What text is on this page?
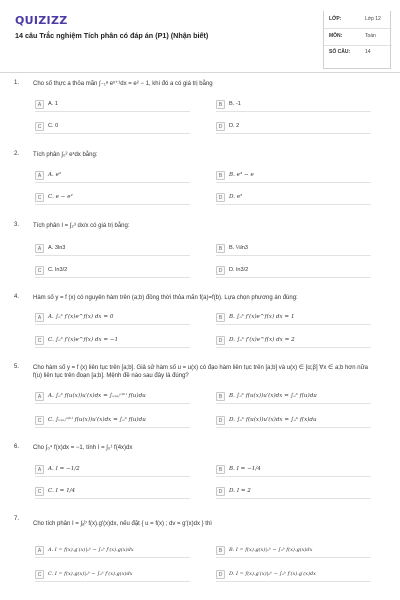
QUIZIZZ
14 câu Trắc nghiệm Tích phân có đáp án (P1) (Nhận biết)
LỚP:	Lớp 12
MÔN:	Toán
SỐ CÂU:	14
1. Cho số thực a thỏa mãn ∫₋₁ᵃ eˣ⁺¹dx = e² − 1, khi đó a có giá trị bằng
A	A. 1	B	B. -1
C	C. 0	D	D. 2
2. Tích phân ∫₀² eˣdx bằng:
A	A. e²	B	B. e³ − e
C	C. e − e²	D	D. e²
3. Tích phân I = ∫₂³ dx/x có giá trị bằng:
A	A. 3ln3	B	B. ⅓ln3
C	C. ln3/2	D	D. ln3/2
4. Hàm số y = f (x) có nguyên hàm trên (a;b) đồng thời thỏa mãn f(a)=f(b). Lựa chọn phương án đúng:
A	A. ∫ₐᵇ f′(x)e^f(x) dx = 0	B	B. ∫ₐᵇ f′(x)e^f(x) dx = 1
C	C. ∫ₐᵇ f′(x)e^f(x) dx = −1	D	D. ∫ₐᵇ f′(x)e^f(x) dx = 2
5. Cho hàm số y = f (x) liên tục trên [a;b]. Giả sử hàm số u = u(x) có đạo hàm liên tục trên [a;b] và u(x) ∈ [α;β] ∀x ∈ a;b hơn nữa f(u) liên tục trên đoạn [a;b]. Mệnh đề nào sau đây là đúng?
A	A. ∫ₐᵇ f(u(x))u′(x)dx = ∫ᵤ₍ₐ₎ᵘ⁽ᵇ⁾ f(u)du	B	B. ∫ₐᵇ f(u(x))u′(x)dx = ∫ₐᵇ f(u)du
C	C. ∫ᵤ₍ₐ₎ᵘ⁽ᵇ⁾ f(u(x))u′(x)dx = ∫ₐᵇ f(u)du	D	D. ∫ₐᵇ f(u(x))u′(x)dx = ∫ₐᵇ f(x)du
6. Cho ∫₀⁴ f(x)dx = −1, tính I = ∫₀¹ f(4x)dx
A	A. I = −1/2	B	B. I = −1/4
C	C. I = 1/4	D	D. I = 2
7.
Cho tích phân I = ∫ₐᵇ f(x).g′(x)dx, nếu đặt { u = f(x) ; dv = g′(x)dx } thì
A	A. I = f(x).g′(x)|ₐᵇ − ∫ₐᵇ f′(x).g(x)dx	B	B. I = f(x).g(x)|ₐᵇ − ∫ₐᵇ f(x).g(x)dx
C	C. I = f(x).g(x)|ₐᵇ − ∫ₐᵇ f′(x).g(x)dx	D	D. I = f(x).g′(x)|ₐᵇ − ∫ₐᵇ f′(x).g′(x)dx
